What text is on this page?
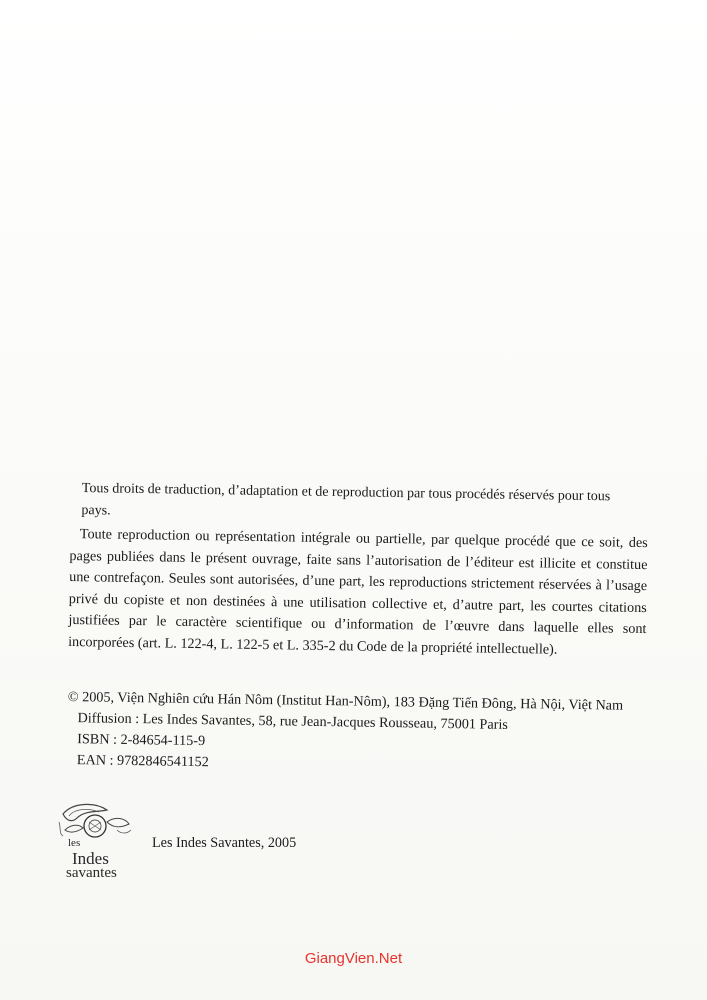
Tous droits de traduction, d’adaptation et de reproduction par tous procédés réservés pour tous pays.

Toute reproduction ou représentation intégrale ou partielle, par quelque procédé que ce soit, des pages publiées dans le présent ouvrage, faite sans l’autorisation de l’éditeur est illicite et constitue une contrefaçon. Seules sont autorisées, d’une part, les reproductions strictement réservées à l’usage privé du copiste et non destinées à une utilisation collective et, d’autre part, les courtes citations justifiées par le caractère scientifique ou d’information de l’œuvre dans laquelle elles sont incorporées (art. L. 122-4, L. 122-5 et L. 335-2 du Code de la propriété intellectuelle).

© 2005, Viện Nghiên cứu Hán Nôm (Institut Han-Nôm), 183 Đặng Tiến Đông, Hà Nội, Việt Nam
Diffusion : Les Indes Savantes, 58, rue Jean-Jacques Rousseau, 75001 Paris
ISBN : 2-84654-115-9
EAN : 9782846541152
les
Indes
savantes
Les Indes Savantes, 2005
GiangVien.Net
